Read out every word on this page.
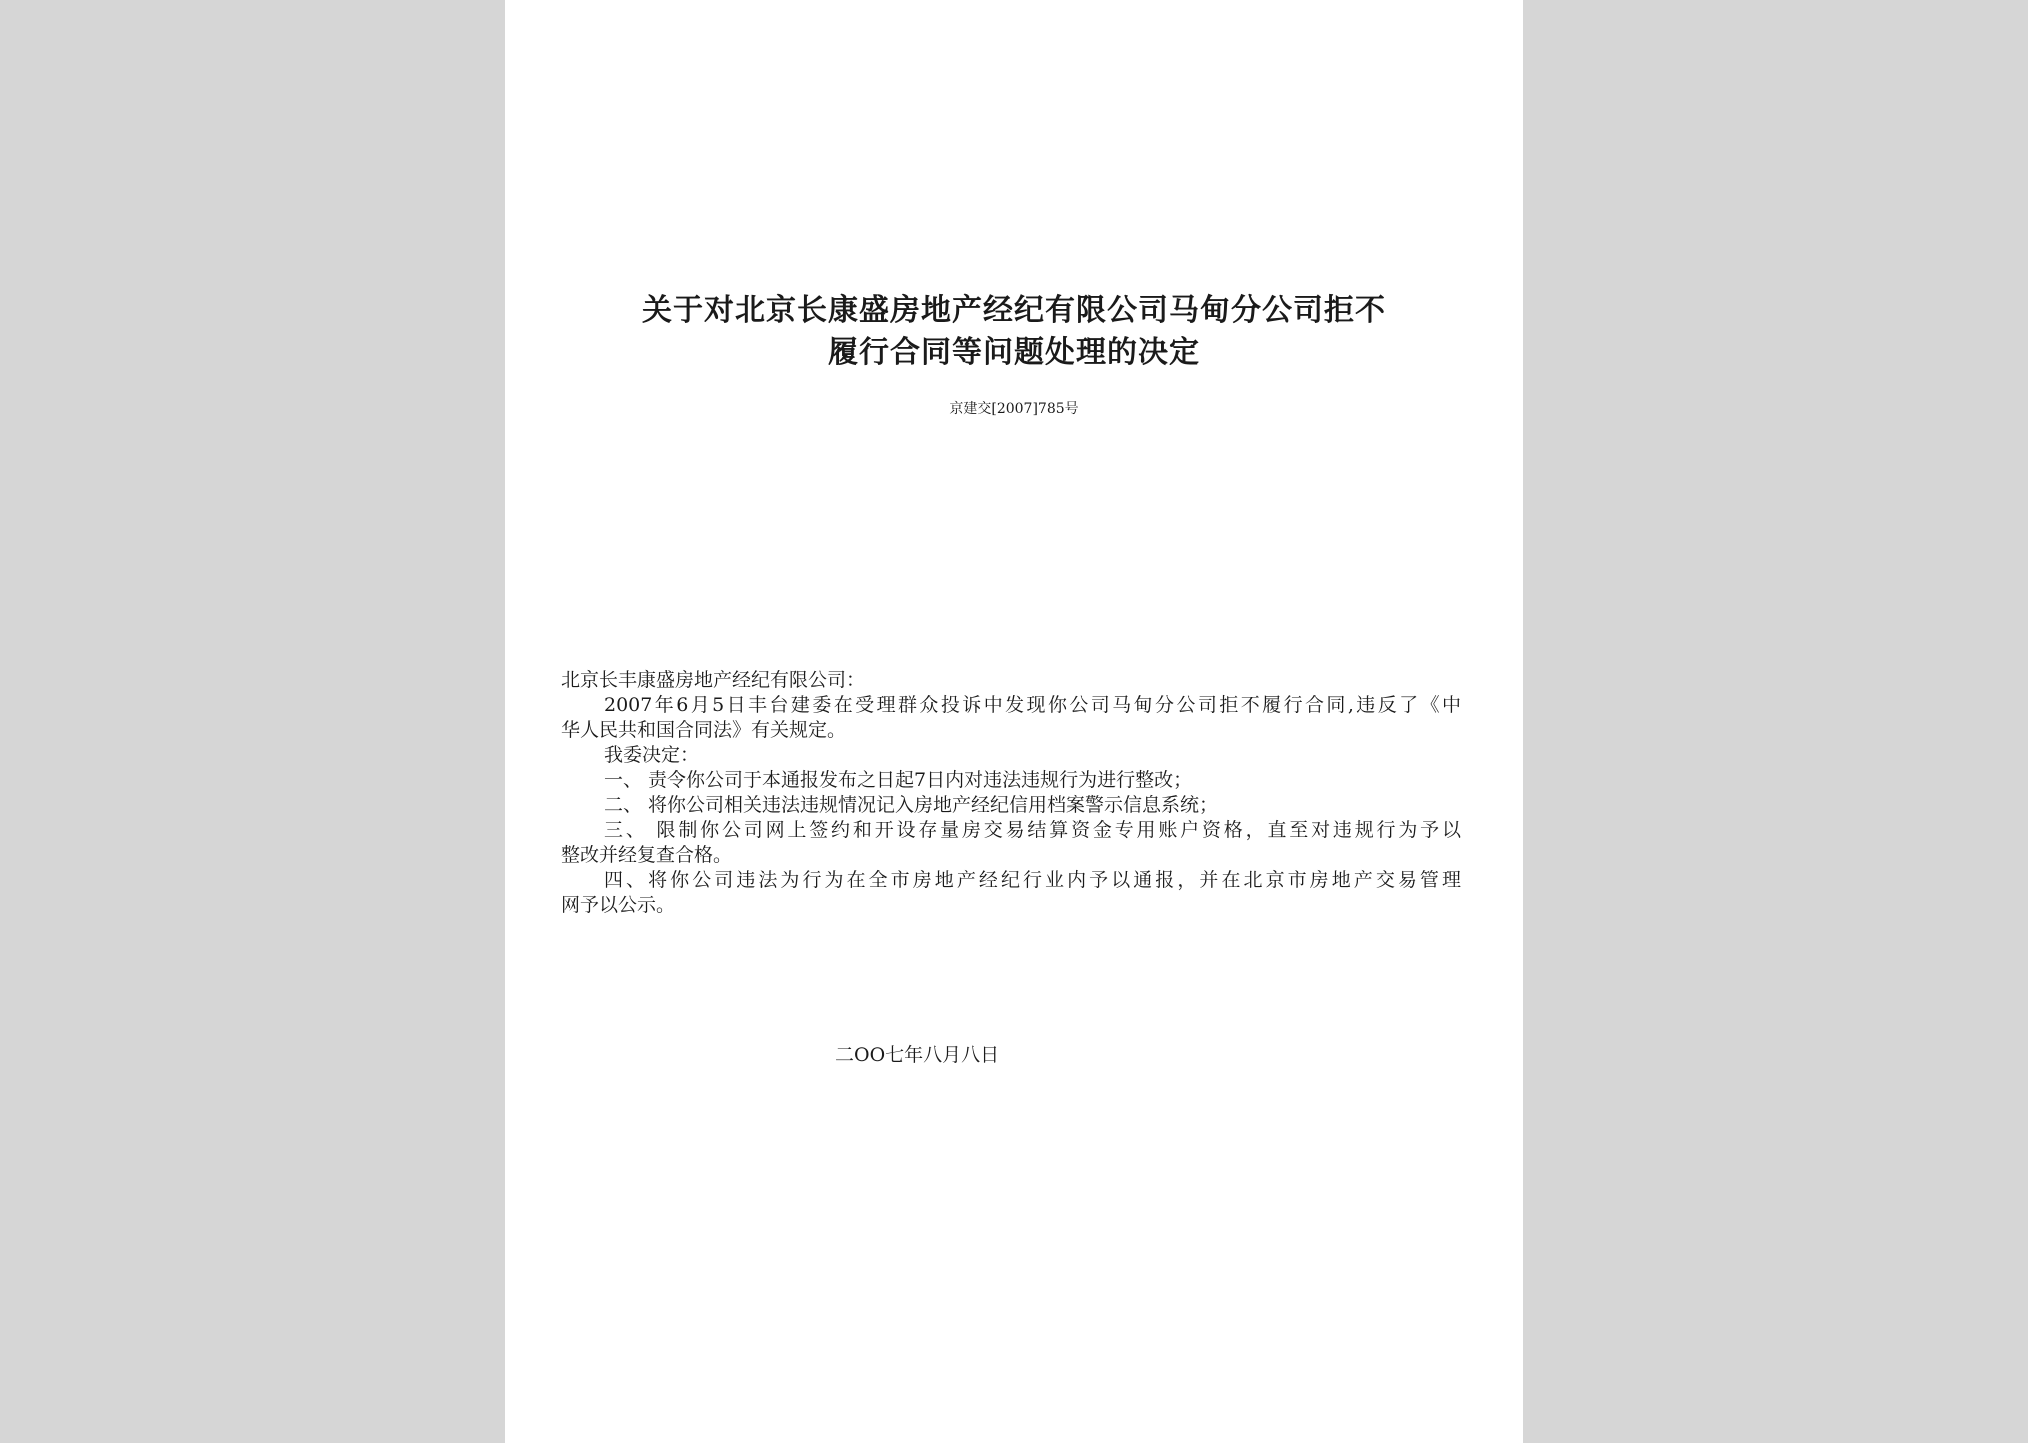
关于对北京长康盛房地产经纪有限公司马甸分公司拒不
履行合同等问题处理的决定
京建交[2007]785号
北京长丰康盛房地产经纪有限公司：
2007年6月5日丰台建委在受理群众投诉中发现你公司马甸分公司拒不履行合同,违反了《中
华人民共和国合同法》有关规定。
我委决定：
一、 责令你公司于本通报发布之日起7日内对违法违规行为进行整改；
二、 将你公司相关违法违规情况记入房地产经纪信用档案警示信息系统；
三、 限制你公司网上签约和开设存量房交易结算资金专用账户资格，直至对违规行为予以
整改并经复查合格。
四、将你公司违法为行为在全市房地产经纪行业内予以通报，并在北京市房地产交易管理
网予以公示。
二OO七年八月八日
